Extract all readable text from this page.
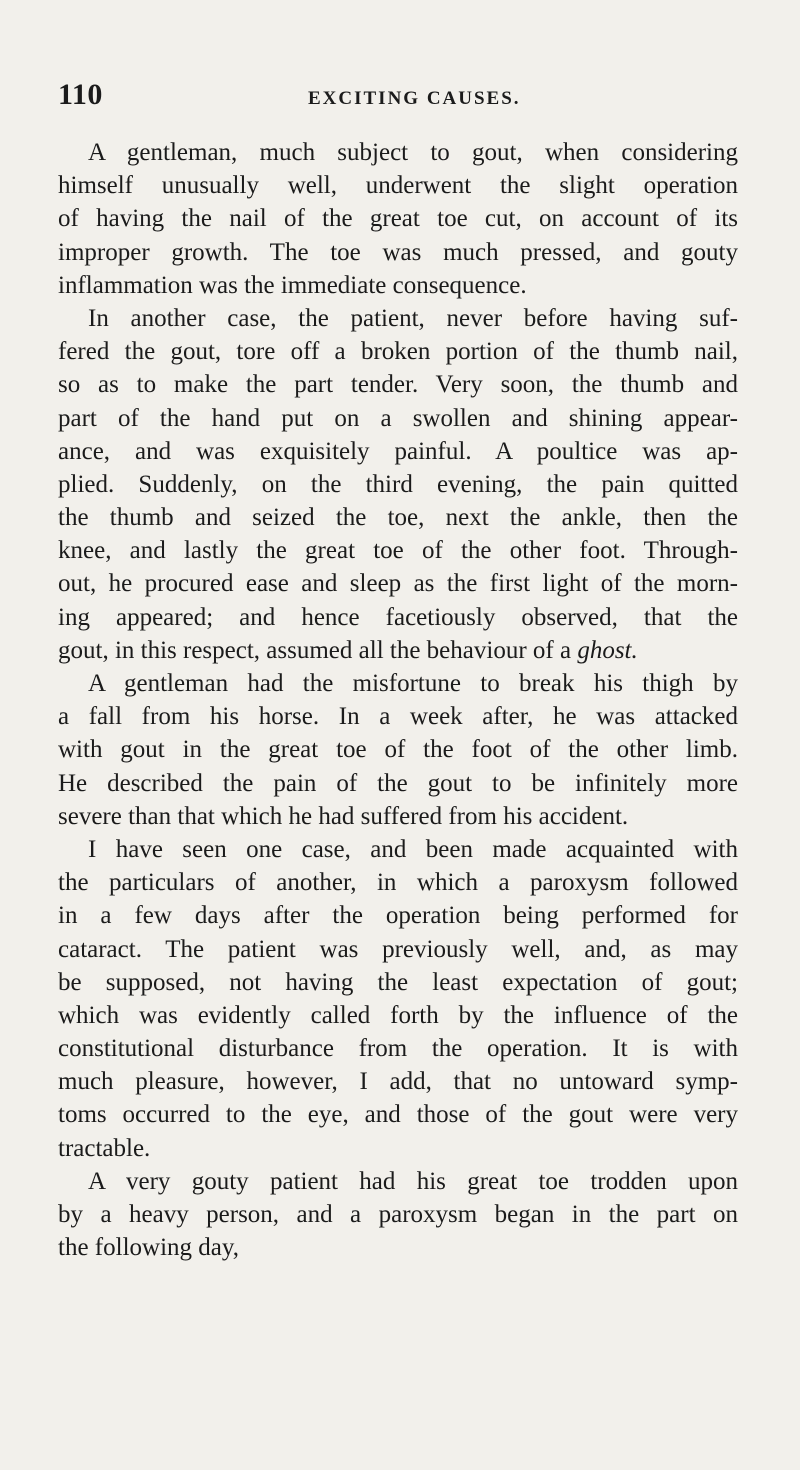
110	EXCITING CAUSES.
A gentleman, much subject to gout, when considering
himself unusually well, underwent the slight operation
of having the nail of the great toe cut, on account of its
improper growth. The toe was much pressed, and gouty
inflammation was the immediate consequence.
In another case, the patient, never before having suf-
fered the gout, tore off a broken portion of the thumb nail,
so as to make the part tender. Very soon, the thumb and
part of the hand put on a swollen and shining appear-
ance, and was exquisitely painful. A poultice was ap-
plied. Suddenly, on the third evening, the pain quitted
the thumb and seized the toe, next the ankle, then the
knee, and lastly the great toe of the other foot. Through-
out, he procured ease and sleep as the first light of the morn-
ing appeared; and hence facetiously observed, that the
gout, in this respect, assumed all the behaviour of a ghost.
A gentleman had the misfortune to break his thigh by
a fall from his horse. In a week after, he was attacked
with gout in the great toe of the foot of the other limb.
He described the pain of the gout to be infinitely more
severe than that which he had suffered from his accident.
I have seen one case, and been made acquainted with
the particulars of another, in which a paroxysm followed
in a few days after the operation being performed for
cataract. The patient was previously well, and, as may
be supposed, not having the least expectation of gout;
which was evidently called forth by the influence of the
constitutional disturbance from the operation. It is with
much pleasure, however, I add, that no untoward symp-
toms occurred to the eye, and those of the gout were very
tractable.
A very gouty patient had his great toe trodden upon
by a heavy person, and a paroxysm began in the part on
the following day,
